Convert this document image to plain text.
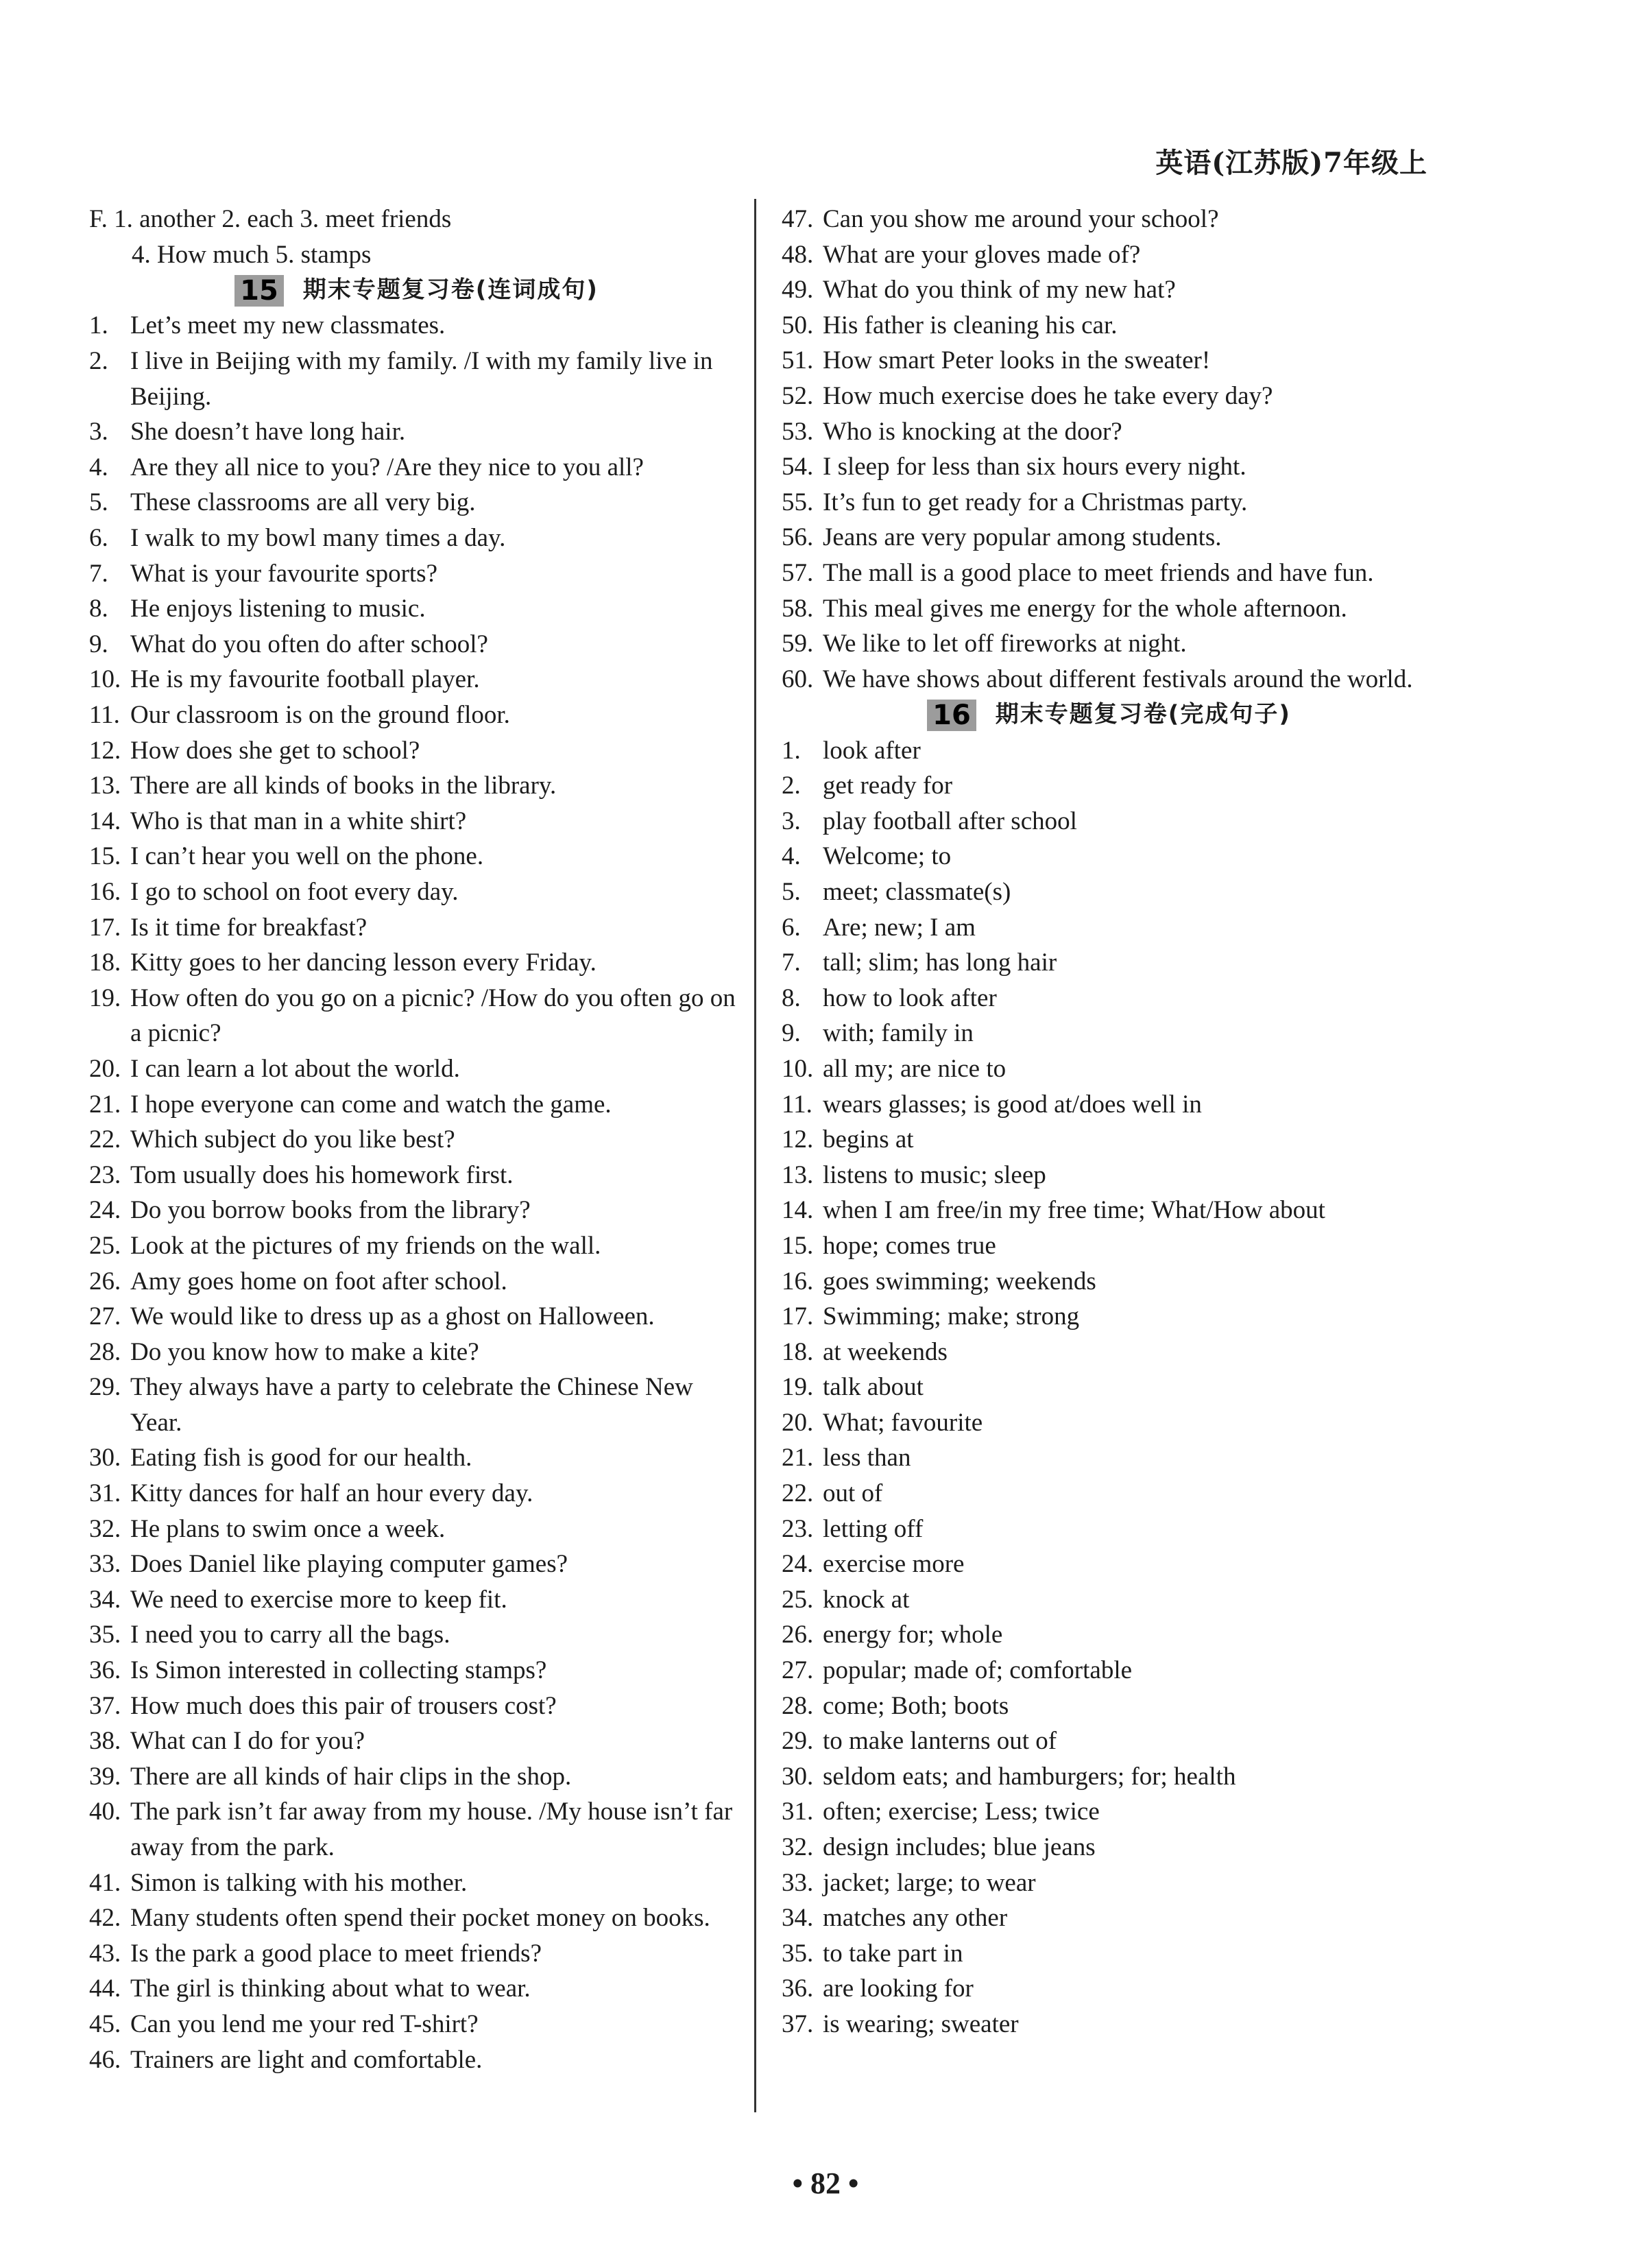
英语(江苏版)7年级上
F. 1. another 2. each 3. meet friends
4. How much 5. stamps
15 期末专题复习卷(连词成句)
1. Let’s meet my new classmates.
2. I live in Beijing with my family. /I with my family live in Beijing.
3. She doesn’t have long hair.
4. Are they all nice to you? /Are they nice to you all?
5. These classrooms are all very big.
6. I walk to my bowl many times a day.
7. What is your favourite sports?
8. He enjoys listening to music.
9. What do you often do after school?
10. He is my favourite football player.
11. Our classroom is on the ground floor.
12. How does she get to school?
13. There are all kinds of books in the library.
14. Who is that man in a white shirt?
15. I can’t hear you well on the phone.
16. I go to school on foot every day.
17. Is it time for breakfast?
18. Kitty goes to her dancing lesson every Friday.
19. How often do you go on a picnic? /How do you often go on a picnic?
20. I can learn a lot about the world.
21. I hope everyone can come and watch the game.
22. Which subject do you like best?
23. Tom usually does his homework first.
24. Do you borrow books from the library?
25. Look at the pictures of my friends on the wall.
26. Amy goes home on foot after school.
27. We would like to dress up as a ghost on Halloween.
28. Do you know how to make a kite?
29. They always have a party to celebrate the Chinese New Year.
30. Eating fish is good for our health.
31. Kitty dances for half an hour every day.
32. He plans to swim once a week.
33. Does Daniel like playing computer games?
34. We need to exercise more to keep fit.
35. I need you to carry all the bags.
36. Is Simon interested in collecting stamps?
37. How much does this pair of trousers cost?
38. What can I do for you?
39. There are all kinds of hair clips in the shop.
40. The park isn’t far away from my house. /My house isn’t far away from the park.
41. Simon is talking with his mother.
42. Many students often spend their pocket money on books.
43. Is the park a good place to meet friends?
44. The girl is thinking about what to wear.
45. Can you lend me your red T-shirt?
46. Trainers are light and comfortable.
47. Can you show me around your school?
48. What are your gloves made of?
49. What do you think of my new hat?
50. His father is cleaning his car.
51. How smart Peter looks in the sweater!
52. How much exercise does he take every day?
53. Who is knocking at the door?
54. I sleep for less than six hours every night.
55. It’s fun to get ready for a Christmas party.
56. Jeans are very popular among students.
57. The mall is a good place to meet friends and have fun.
58. This meal gives me energy for the whole afternoon.
59. We like to let off fireworks at night.
60. We have shows about different festivals around the world.
16 期末专题复习卷(完成句子)
1. look after
2. get ready for
3. play football after school
4. Welcome; to
5. meet; classmate(s)
6. Are; new; I am
7. tall; slim; has long hair
8. how to look after
9. with; family in
10. all my; are nice to
11. wears glasses; is good at/does well in
12. begins at
13. listens to music; sleep
14. when I am free/in my free time; What/How about
15. hope; comes true
16. goes swimming; weekends
17. Swimming; make; strong
18. at weekends
19. talk about
20. What; favourite
21. less than
22. out of
23. letting off
24. exercise more
25. knock at
26. energy for; whole
27. popular; made of; comfortable
28. come; Both; boots
29. to make lanterns out of
30. seldom eats; and hamburgers; for; health
31. often; exercise; Less; twice
32. design includes; blue jeans
33. jacket; large; to wear
34. matches any other
35. to take part in
36. are looking for
37. is wearing; sweater
• 82 •
